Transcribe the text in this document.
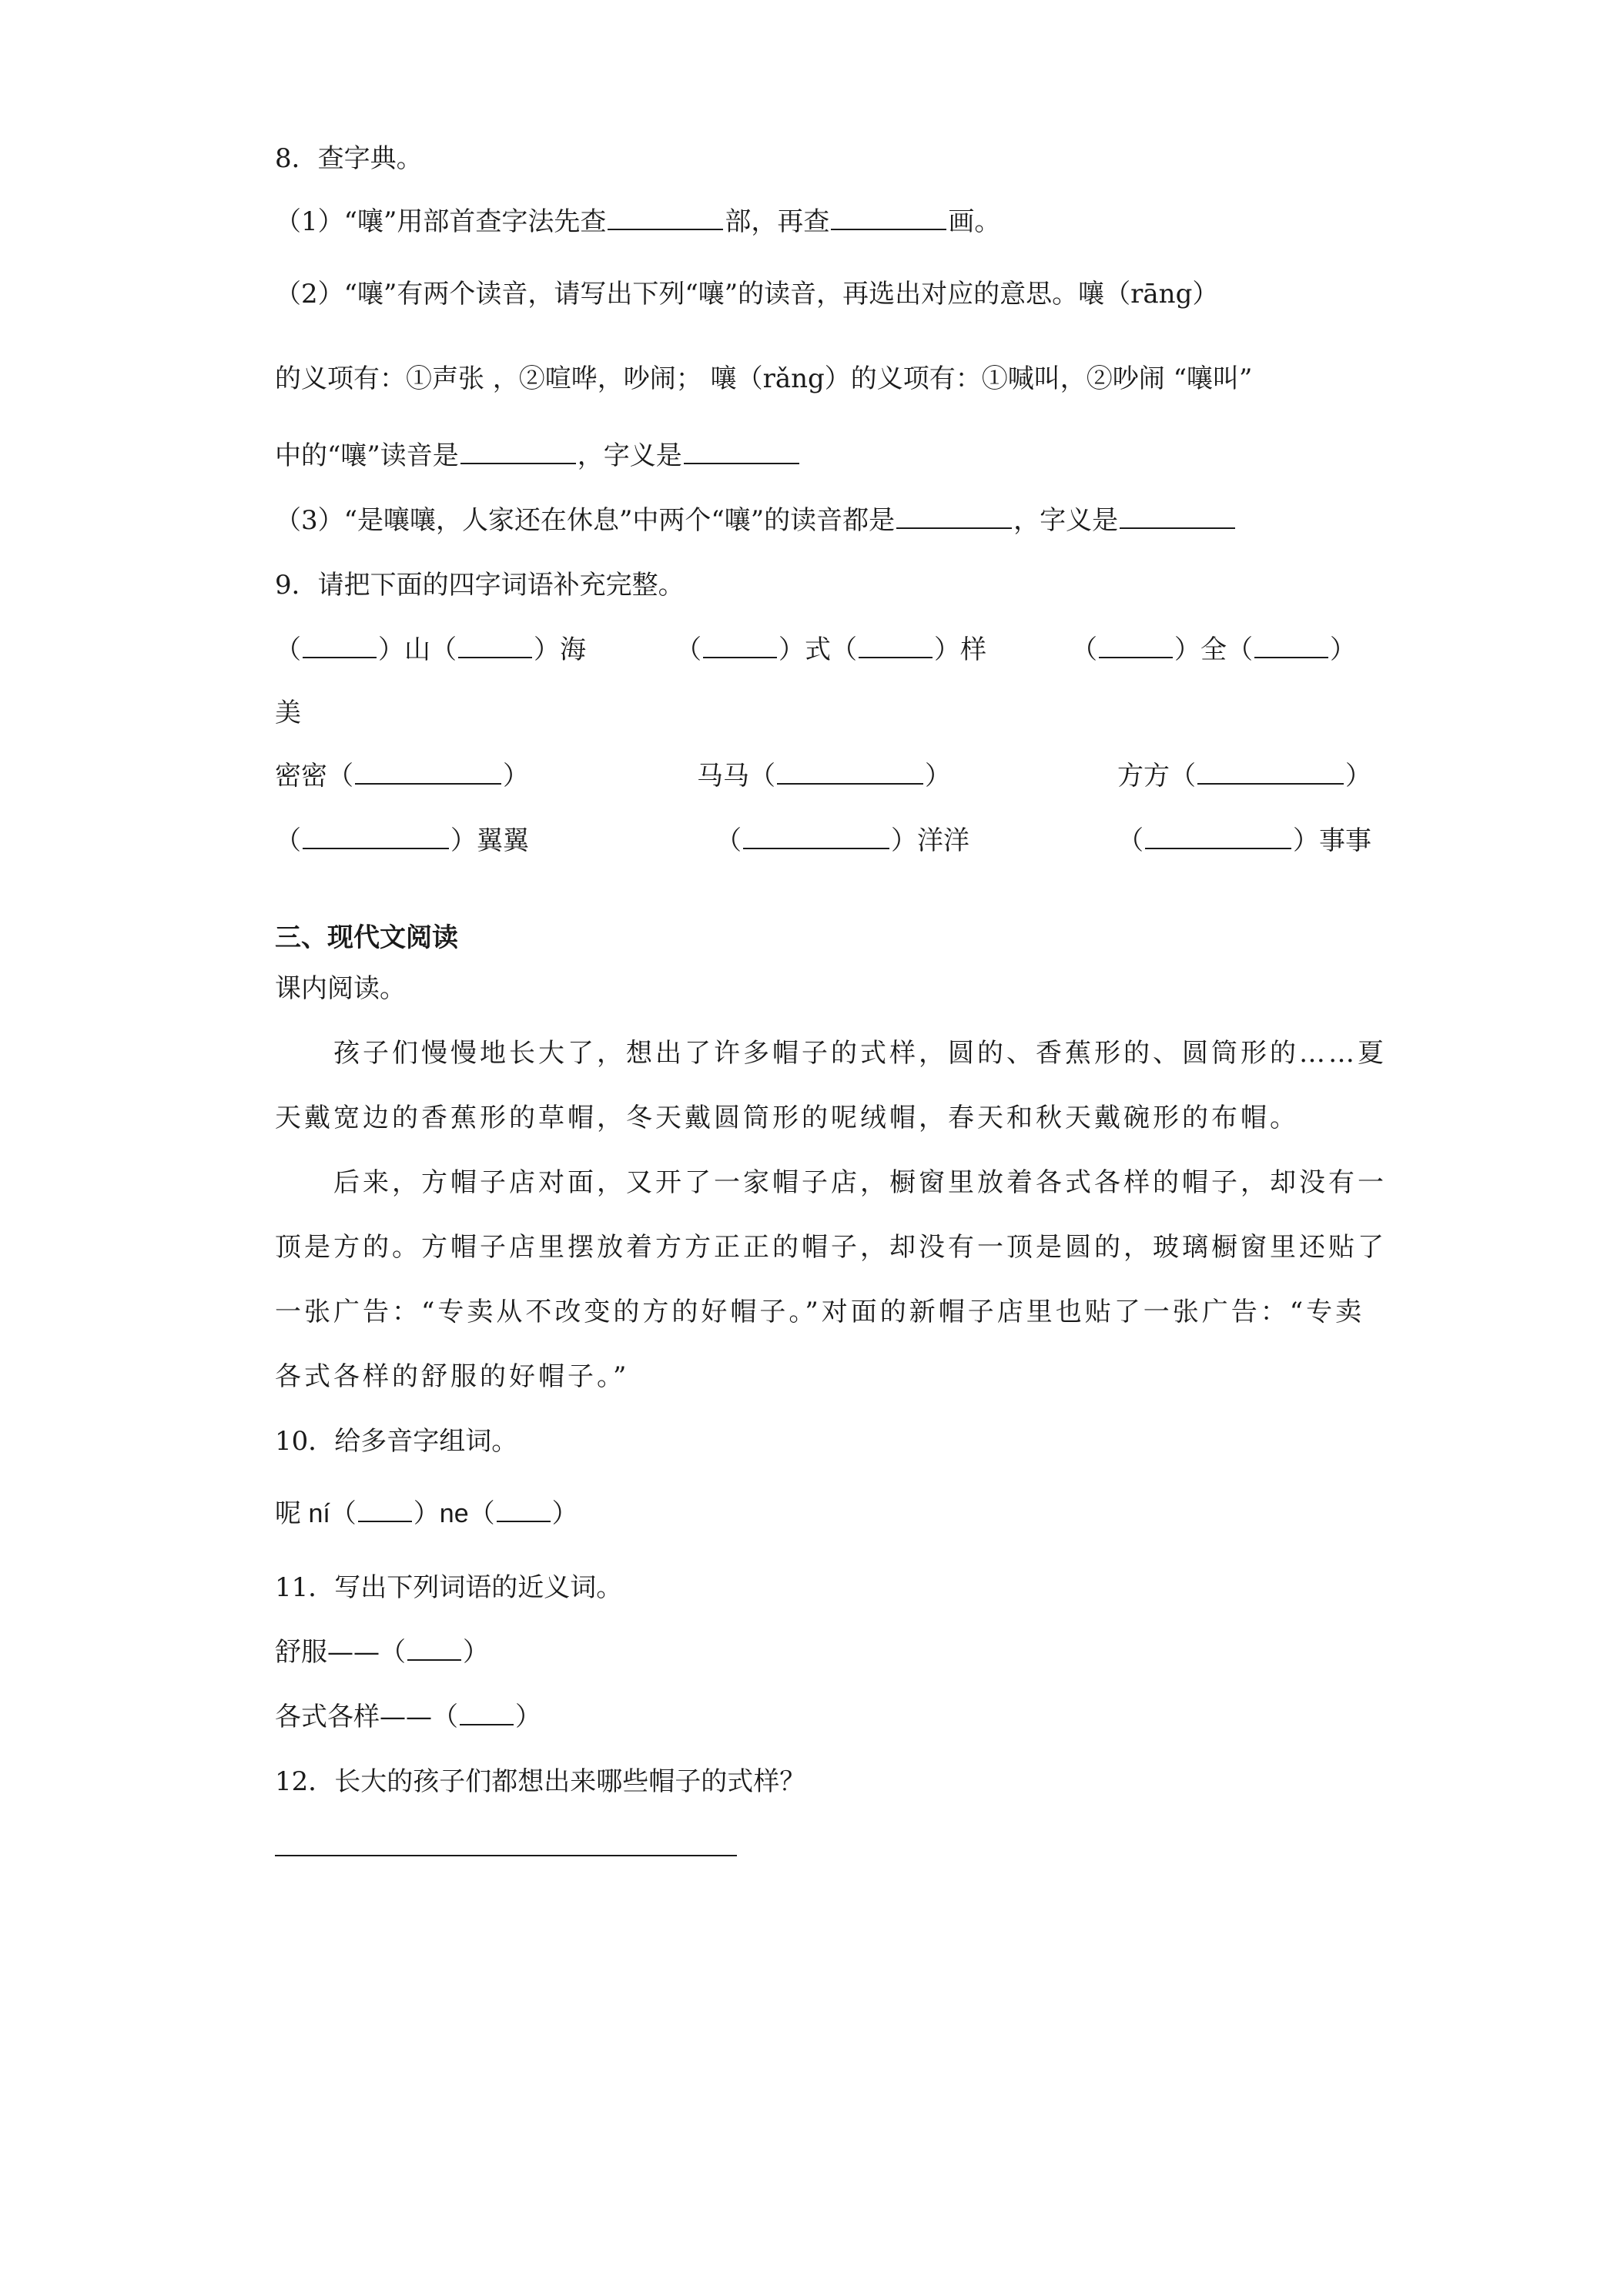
8．查字典。
（1）“嚷”用部首查字法先查	部，再查	画。
（2）“嚷”有两个读音，请写出下列“嚷”的读音，再选出对应的意思。嚷（rāng）
的义项有：①声张 ，②喧哗，吵闹； 嚷（rǎng）的义项有：①喊叫，②吵闹 “嚷叫”
中的“嚷”读音是	，字义是
（3）“是嚷嚷，人家还在休息”中两个“嚷”的读音都是	，字义是
9．请把下面的四字词语补充完整。
（	）山（	）海	（	）式（	）样	（	）全（	）
美
密密（	）	马马（	）	方方（	）
（	）翼翼	（	）洋洋	（	）事事
三、现代文阅读
课内阅读。
孩子们慢慢地长大了，想出了许多帽子的式样，圆的、香蕉形的、圆筒形的……夏
天戴宽边的香蕉形的草帽，冬天戴圆筒形的呢绒帽，春天和秋天戴碗形的布帽。
后来，方帽子店对面，又开了一家帽子店，橱窗里放着各式各样的帽子，却没有一
顶是方的。方帽子店里摆放着方方正正的帽子，却没有一顶是圆的，玻璃橱窗里还贴了
一张广告：“专卖从不改变的方的好帽子。”对面的新帽子店里也贴了一张广告：“专卖
各式各样的舒服的好帽子。”
10．给多音字组词。
呢 ní（ ）ne（ ）
11．写出下列词语的近义词。
舒服——（ ）
各式各样——（ ）
12．长大的孩子们都想出来哪些帽子的式样？
